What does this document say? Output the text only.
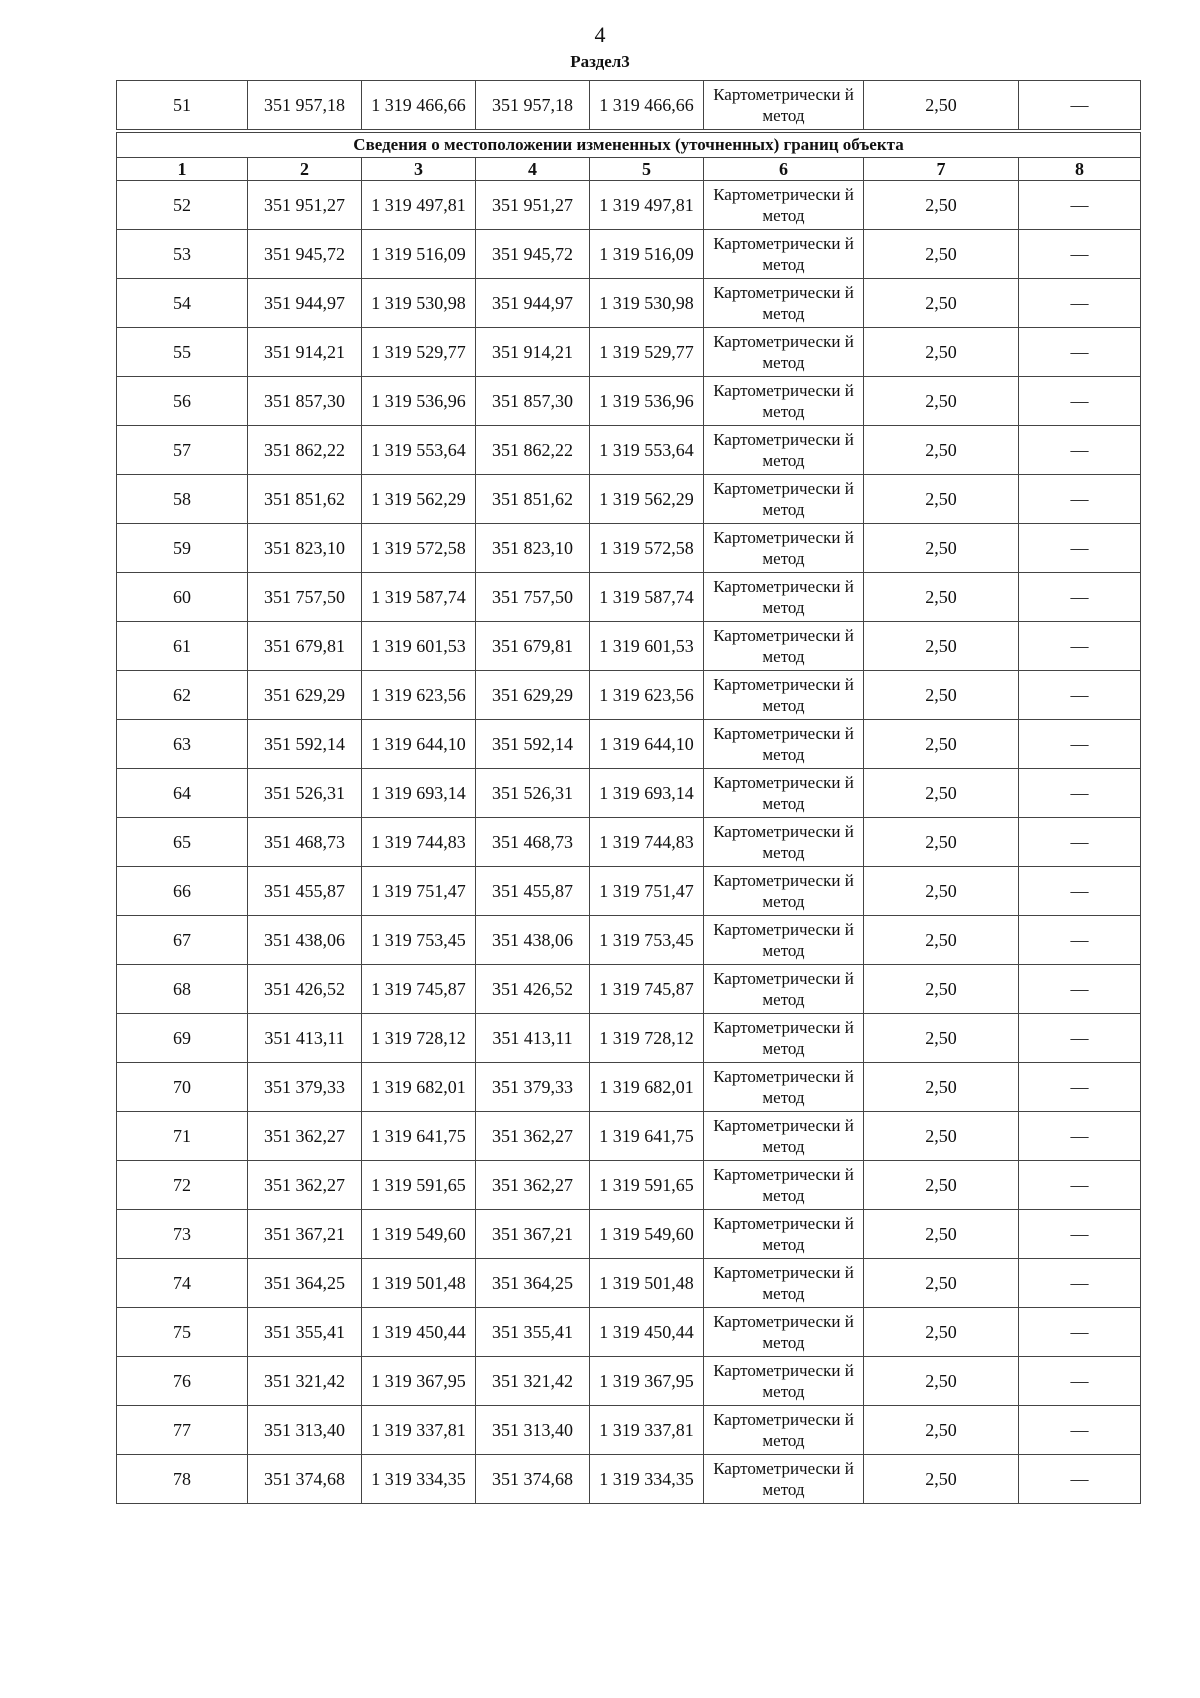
4
Раздел3
51	351 957,18	1 319 466,66	351 957,18	1 319 466,66	Картометрически й метод	2,50	—
Сведения о местоположении измененных (уточненных) границ объекта							
1	2	3	4	5	6	7	8
52	351 951,27	1 319 497,81	351 951,27	1 319 497,81	Картометрически й метод	2,50	—
53	351 945,72	1 319 516,09	351 945,72	1 319 516,09	Картометрически й метод	2,50	—
54	351 944,97	1 319 530,98	351 944,97	1 319 530,98	Картометрически й метод	2,50	—
55	351 914,21	1 319 529,77	351 914,21	1 319 529,77	Картометрически й метод	2,50	—
56	351 857,30	1 319 536,96	351 857,30	1 319 536,96	Картометрически й метод	2,50	—
57	351 862,22	1 319 553,64	351 862,22	1 319 553,64	Картометрически й метод	2,50	—
58	351 851,62	1 319 562,29	351 851,62	1 319 562,29	Картометрически й метод	2,50	—
59	351 823,10	1 319 572,58	351 823,10	1 319 572,58	Картометрически й метод	2,50	—
60	351 757,50	1 319 587,74	351 757,50	1 319 587,74	Картометрически й метод	2,50	—
61	351 679,81	1 319 601,53	351 679,81	1 319 601,53	Картометрически й метод	2,50	—
62	351 629,29	1 319 623,56	351 629,29	1 319 623,56	Картометрически й метод	2,50	—
63	351 592,14	1 319 644,10	351 592,14	1 319 644,10	Картометрически й метод	2,50	—
64	351 526,31	1 319 693,14	351 526,31	1 319 693,14	Картометрически й метод	2,50	—
65	351 468,73	1 319 744,83	351 468,73	1 319 744,83	Картометрически й метод	2,50	—
66	351 455,87	1 319 751,47	351 455,87	1 319 751,47	Картометрически й метод	2,50	—
67	351 438,06	1 319 753,45	351 438,06	1 319 753,45	Картометрически й метод	2,50	—
68	351 426,52	1 319 745,87	351 426,52	1 319 745,87	Картометрически й метод	2,50	—
69	351 413,11	1 319 728,12	351 413,11	1 319 728,12	Картометрически й метод	2,50	—
70	351 379,33	1 319 682,01	351 379,33	1 319 682,01	Картометрически й метод	2,50	—
71	351 362,27	1 319 641,75	351 362,27	1 319 641,75	Картометрически й метод	2,50	—
72	351 362,27	1 319 591,65	351 362,27	1 319 591,65	Картометрически й метод	2,50	—
73	351 367,21	1 319 549,60	351 367,21	1 319 549,60	Картометрически й метод	2,50	—
74	351 364,25	1 319 501,48	351 364,25	1 319 501,48	Картометрически й метод	2,50	—
75	351 355,41	1 319 450,44	351 355,41	1 319 450,44	Картометрически й метод	2,50	—
76	351 321,42	1 319 367,95	351 321,42	1 319 367,95	Картометрически й метод	2,50	—
77	351 313,40	1 319 337,81	351 313,40	1 319 337,81	Картометрически й метод	2,50	—
78	351 374,68	1 319 334,35	351 374,68	1 319 334,35	Картометрически й метод	2,50	—
